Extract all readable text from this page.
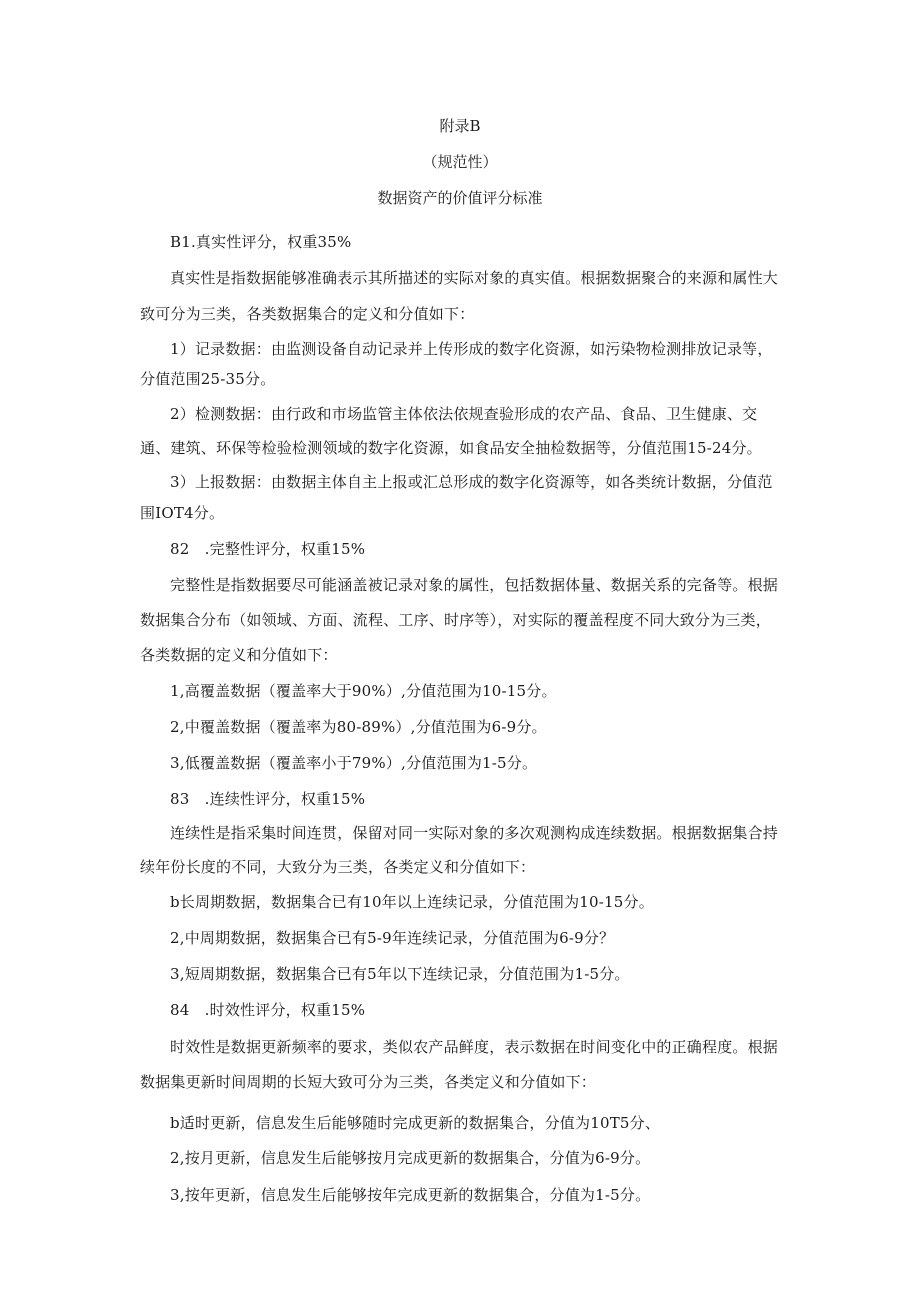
附录B
（规范性）
数据资产的价值评分标准
B1.真实性评分，权重35%
真实性是指数据能够准确表示其所描述的实际对象的真实值。根据数据聚合的来源和属性大
致可分为三类，各类数据集合的定义和分值如下：
1）记录数据：由监测设备自动记录并上传形成的数字化资源，如污染物检测排放记录等，
分值范围25-35分。
2）检测数据：由行政和市场监管主体依法依规查验形成的农产品、食品、卫生健康、交
通、建筑、环保等检验检测领域的数字化资源，如食品安全抽检数据等，分值范围15-24分。
3）上报数据：由数据主体自主上报或汇总形成的数字化资源等，如各类统计数据，分值范
围IOT4分。
82　.完整性评分，权重15%
完整性是指数据要尽可能涵盖被记录对象的属性，包括数据体量、数据关系的完备等。根据
数据集合分布（如领域、方面、流程、工序、时序等），对实际的覆盖程度不同大致分为三类，
各类数据的定义和分值如下：
1,高覆盖数据（覆盖率大于90%）,分值范围为10-15分。
2,中覆盖数据（覆盖率为80-89%）,分值范围为6-9分。
3,低覆盖数据（覆盖率小于79%）,分值范围为1-5分。
83　.连续性评分，权重15%
连续性是指采集时间连贯，保留对同一实际对象的多次观测构成连续数据。根据数据集合持
续年份长度的不同，大致分为三类，各类定义和分值如下：
b长周期数据，数据集合已有10年以上连续记录，分值范围为10-15分。
2,中周期数据，数据集合已有5-9年连续记录，分值范围为6-9分？
3,短周期数据，数据集合已有5年以下连续记录，分值范围为1-5分。
84　.时效性评分，权重15%
时效性是数据更新频率的要求，类似农产品鲜度，表示数据在时间变化中的正确程度。根据
数据集更新时间周期的长短大致可分为三类，各类定义和分值如下：
b适时更新，信息发生后能够随时完成更新的数据集合，分值为10T5分、
2,按月更新，信息发生后能够按月完成更新的数据集合，分值为6-9分。
3,按年更新，信息发生后能够按年完成更新的数据集合，分值为1-5分。
